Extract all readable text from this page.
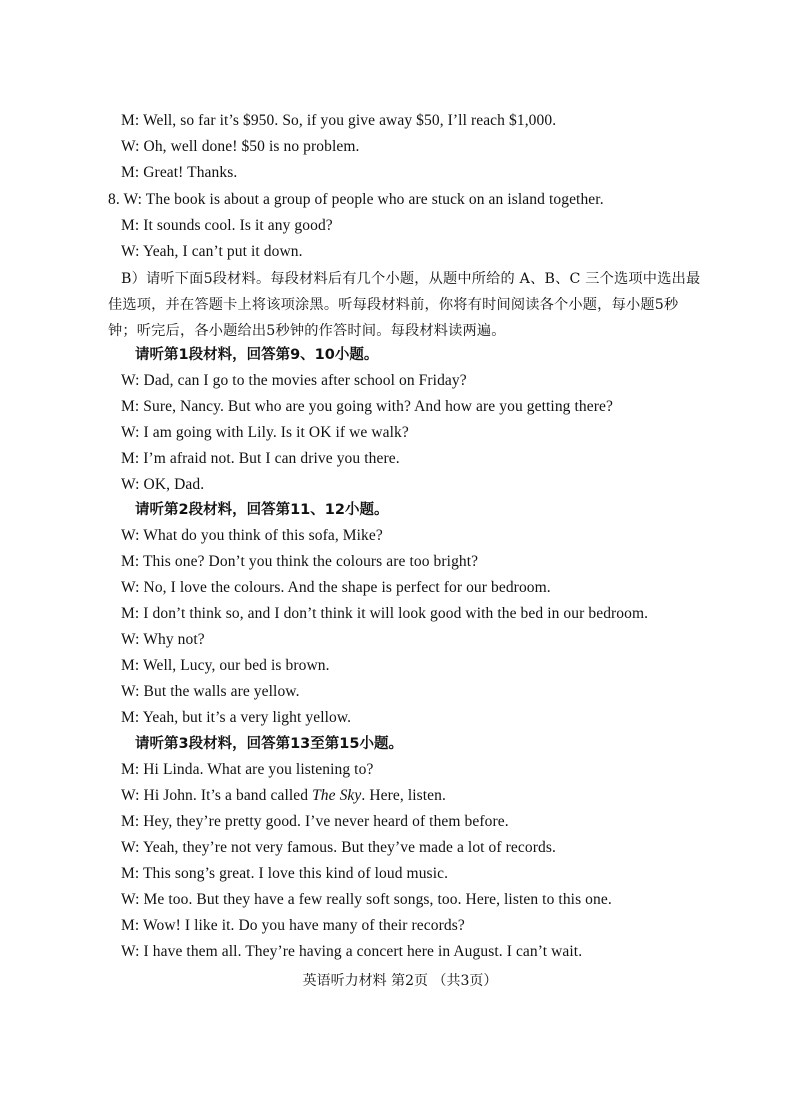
M: Well, so far it’s $950. So, if you give away $50, I’ll reach $1,000.
W: Oh, well done! $50 is no problem.
M: Great! Thanks.
8. W: The book is about a group of people who are stuck on an island together.
M: It sounds cool. Is it any good?
W: Yeah, I can’t put it down.
B）请听下面5段材料。每段材料后有几个小题，从题中所给的 A、B、C 三个选项中选出最佳选项，并在答题卡上将该项涂黑。听每段材料前，你将有时间阅读各个小题，每小题5秒钟；听完后，各小题给出5秒钟的作答时间。每段材料读两遍。
请听第1段材料，回答第9、10小题。
W: Dad, can I go to the movies after school on Friday?
M: Sure, Nancy. But who are you going with? And how are you getting there?
W: I am going with Lily. Is it OK if we walk?
M: I’m afraid not. But I can drive you there.
W: OK, Dad.
请听第2段材料，回答第11、12小题。
W: What do you think of this sofa, Mike?
M: This one? Don’t you think the colours are too bright?
W: No, I love the colours. And the shape is perfect for our bedroom.
M: I don’t think so, and I don’t think it will look good with the bed in our bedroom.
W: Why not?
M: Well, Lucy, our bed is brown.
W: But the walls are yellow.
M: Yeah, but it’s a very light yellow.
请听第3段材料，回答第13至第15小题。
M: Hi Linda. What are you listening to?
W: Hi John. It’s a band called The Sky. Here, listen.
M: Hey, they’re pretty good. I’ve never heard of them before.
W: Yeah, they’re not very famous. But they’ve made a lot of records.
M: This song’s great. I love this kind of loud music.
W: Me too. But they have a few really soft songs, too. Here, listen to this one.
M: Wow! I like it. Do you have many of their records?
W: I have them all. They’re having a concert here in August. I can’t wait.
英语听力材料 第2页 （共3页）
